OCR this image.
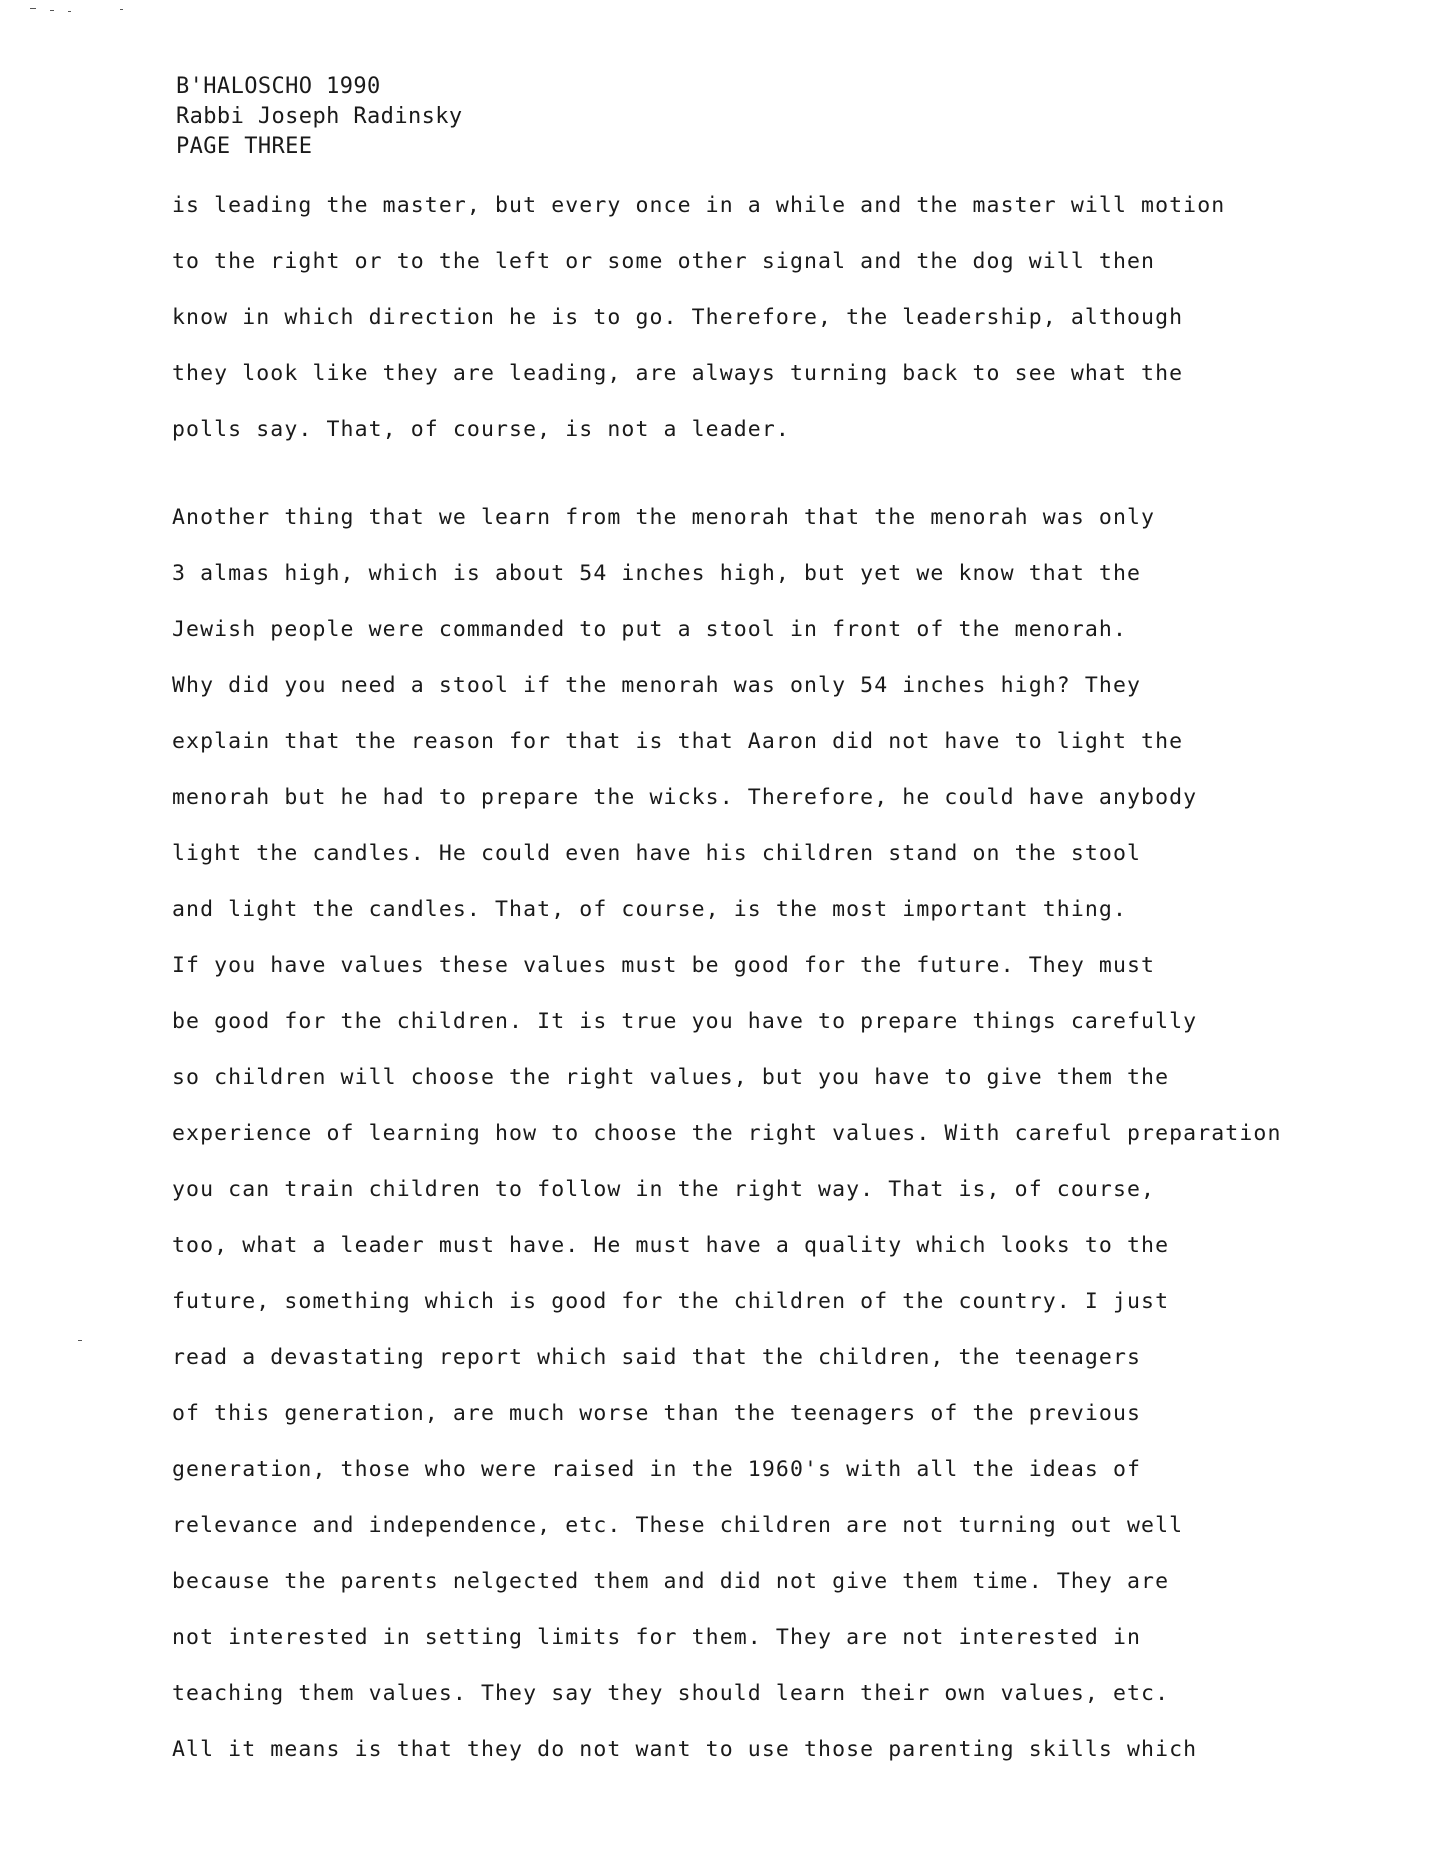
B'HALOSCHO 1990
Rabbi Joseph Radinsky
PAGE THREE
is leading the master, but every once in a while and the master will motion
to the right or to the left or some other signal and the dog will then
know in which direction he is to go. Therefore, the leadership, although
they look like they are leading, are always turning back to see what the
polls say. That, of course, is not a leader.
Another thing that we learn from the menorah that the menorah was only
3 almas high, which is about 54 inches high, but yet we know that the
Jewish people were commanded to put a stool in front of the menorah.
Why did you need a stool if the menorah was only 54 inches high? They
explain that the reason for that is that Aaron did not have to light the
menorah but he had to prepare the wicks. Therefore, he could have anybody
light the candles. He could even have his children stand on the stool
and light the candles. That, of course, is the most important thing.
If you have values these values must be good for the future. They must
be good for the children. It is true you have to prepare things carefully
so children will choose the right values, but you have to give them the
experience of learning how to choose the right values. With careful preparation
you can train children to follow in the right way. That is, of course,
too, what a leader must have. He must have a quality which looks to the
future, something which is good for the children of the country. I just
read a devastating report which said that the children, the teenagers
of this generation, are much worse than the teenagers of the previous
generation, those who were raised in the 1960's with all the ideas of
relevance and independence, etc. These children are not turning out well
because the parents nelgected them and did not give them time. They are
not interested in setting limits for them. They are not interested in
teaching them values. They say they should learn their own values, etc.
All it means is that they do not want to use those parenting skills which
